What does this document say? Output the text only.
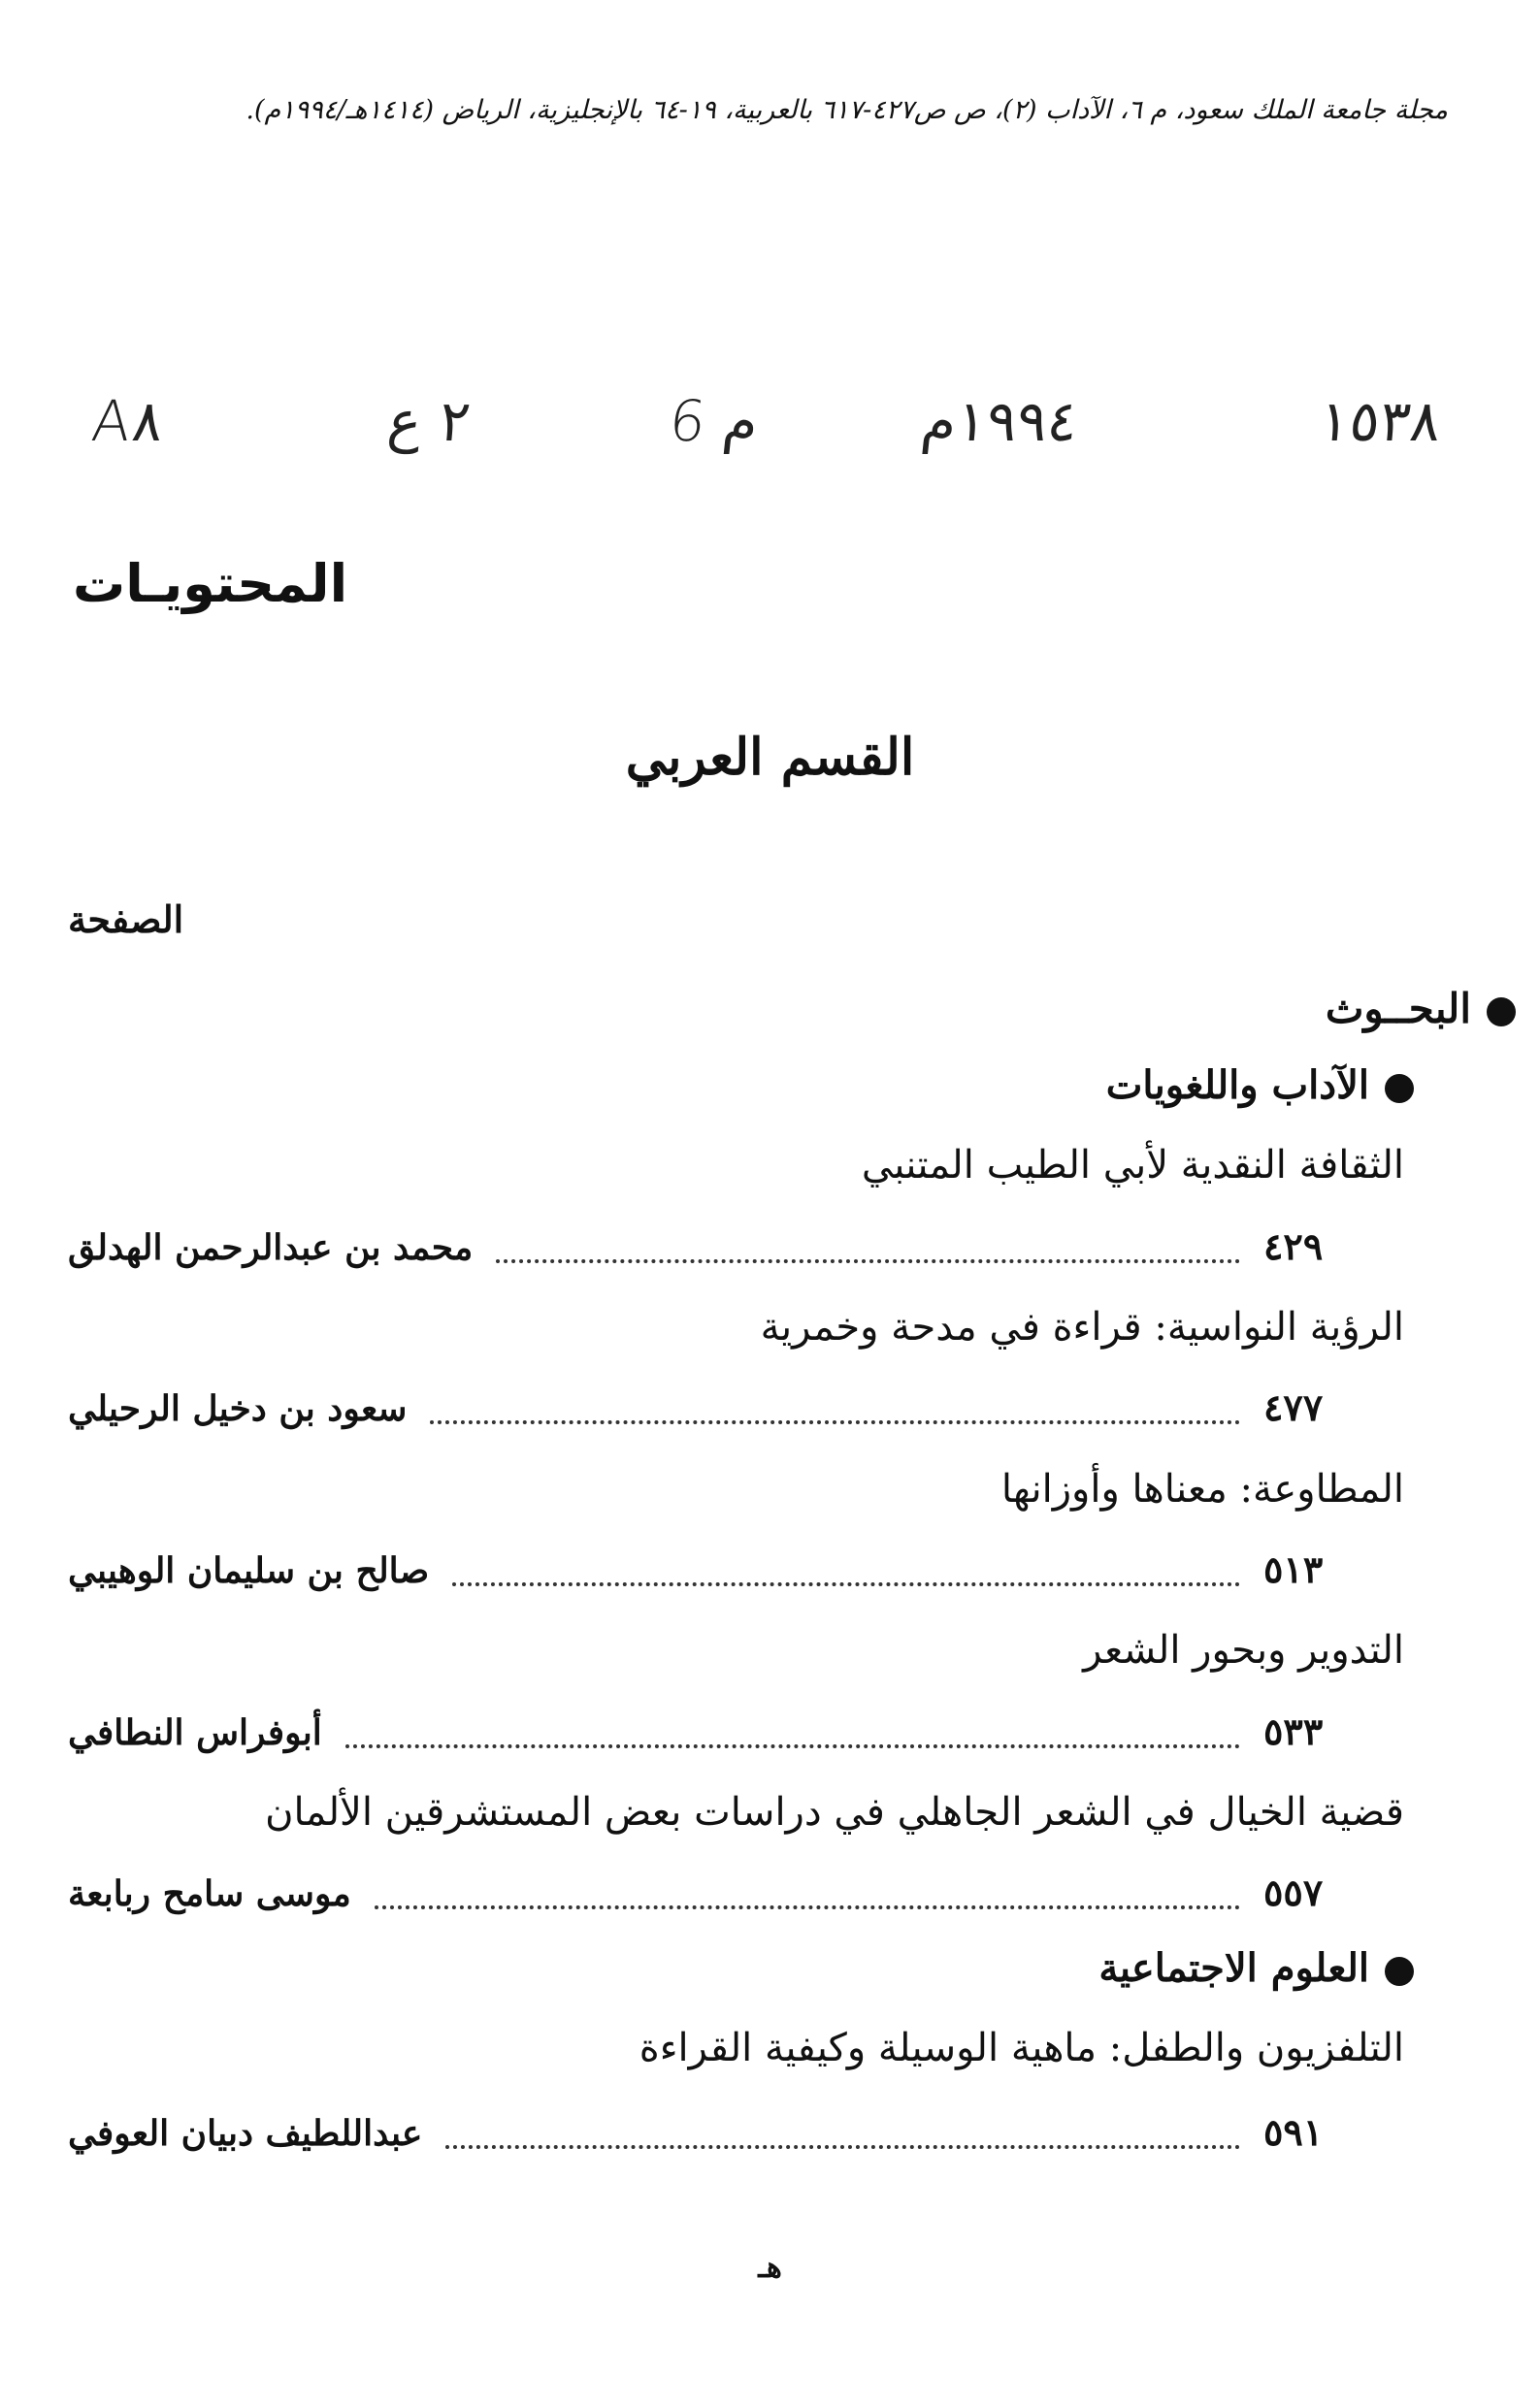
مجلة جامعة الملك سعود، م ٦، الآداب (٢)، ص ص٤٢٧-٦١٧ بالعربية، ١٩-٦٤ بالإنجليزية، الرياض (١٤١٤هـ/١٩٩٤م).
A٨	٢ ع	6 م	١٩٩٤م	١٥٣٨
المحتويـات
القسم العربي
الصفحة
البحــوث
الآداب واللغويات
الثقافة النقدية لأبي الطيب المتنبي
محمد بن عبدالرحمن الهدلق	٤٢٩
الرؤية النواسية: قراءة في مدحة وخمرية
سعود بن دخيل الرحيلي	٤٧٧
المطاوعة: معناها وأوزانها
صالح بن سليمان الوهيبي	٥١٣
التدوير وبحور الشعر
أبوفراس النطافي	٥٣٣
قضية الخيال في الشعر الجاهلي في دراسات بعض المستشرقين الألمان
موسى سامح ربابعة	٥٥٧
العلوم الاجتماعية
التلفزيون والطفل: ماهية الوسيلة وكيفية القراءة
عبداللطيف دبيان العوفي	٥٩١
هـ
